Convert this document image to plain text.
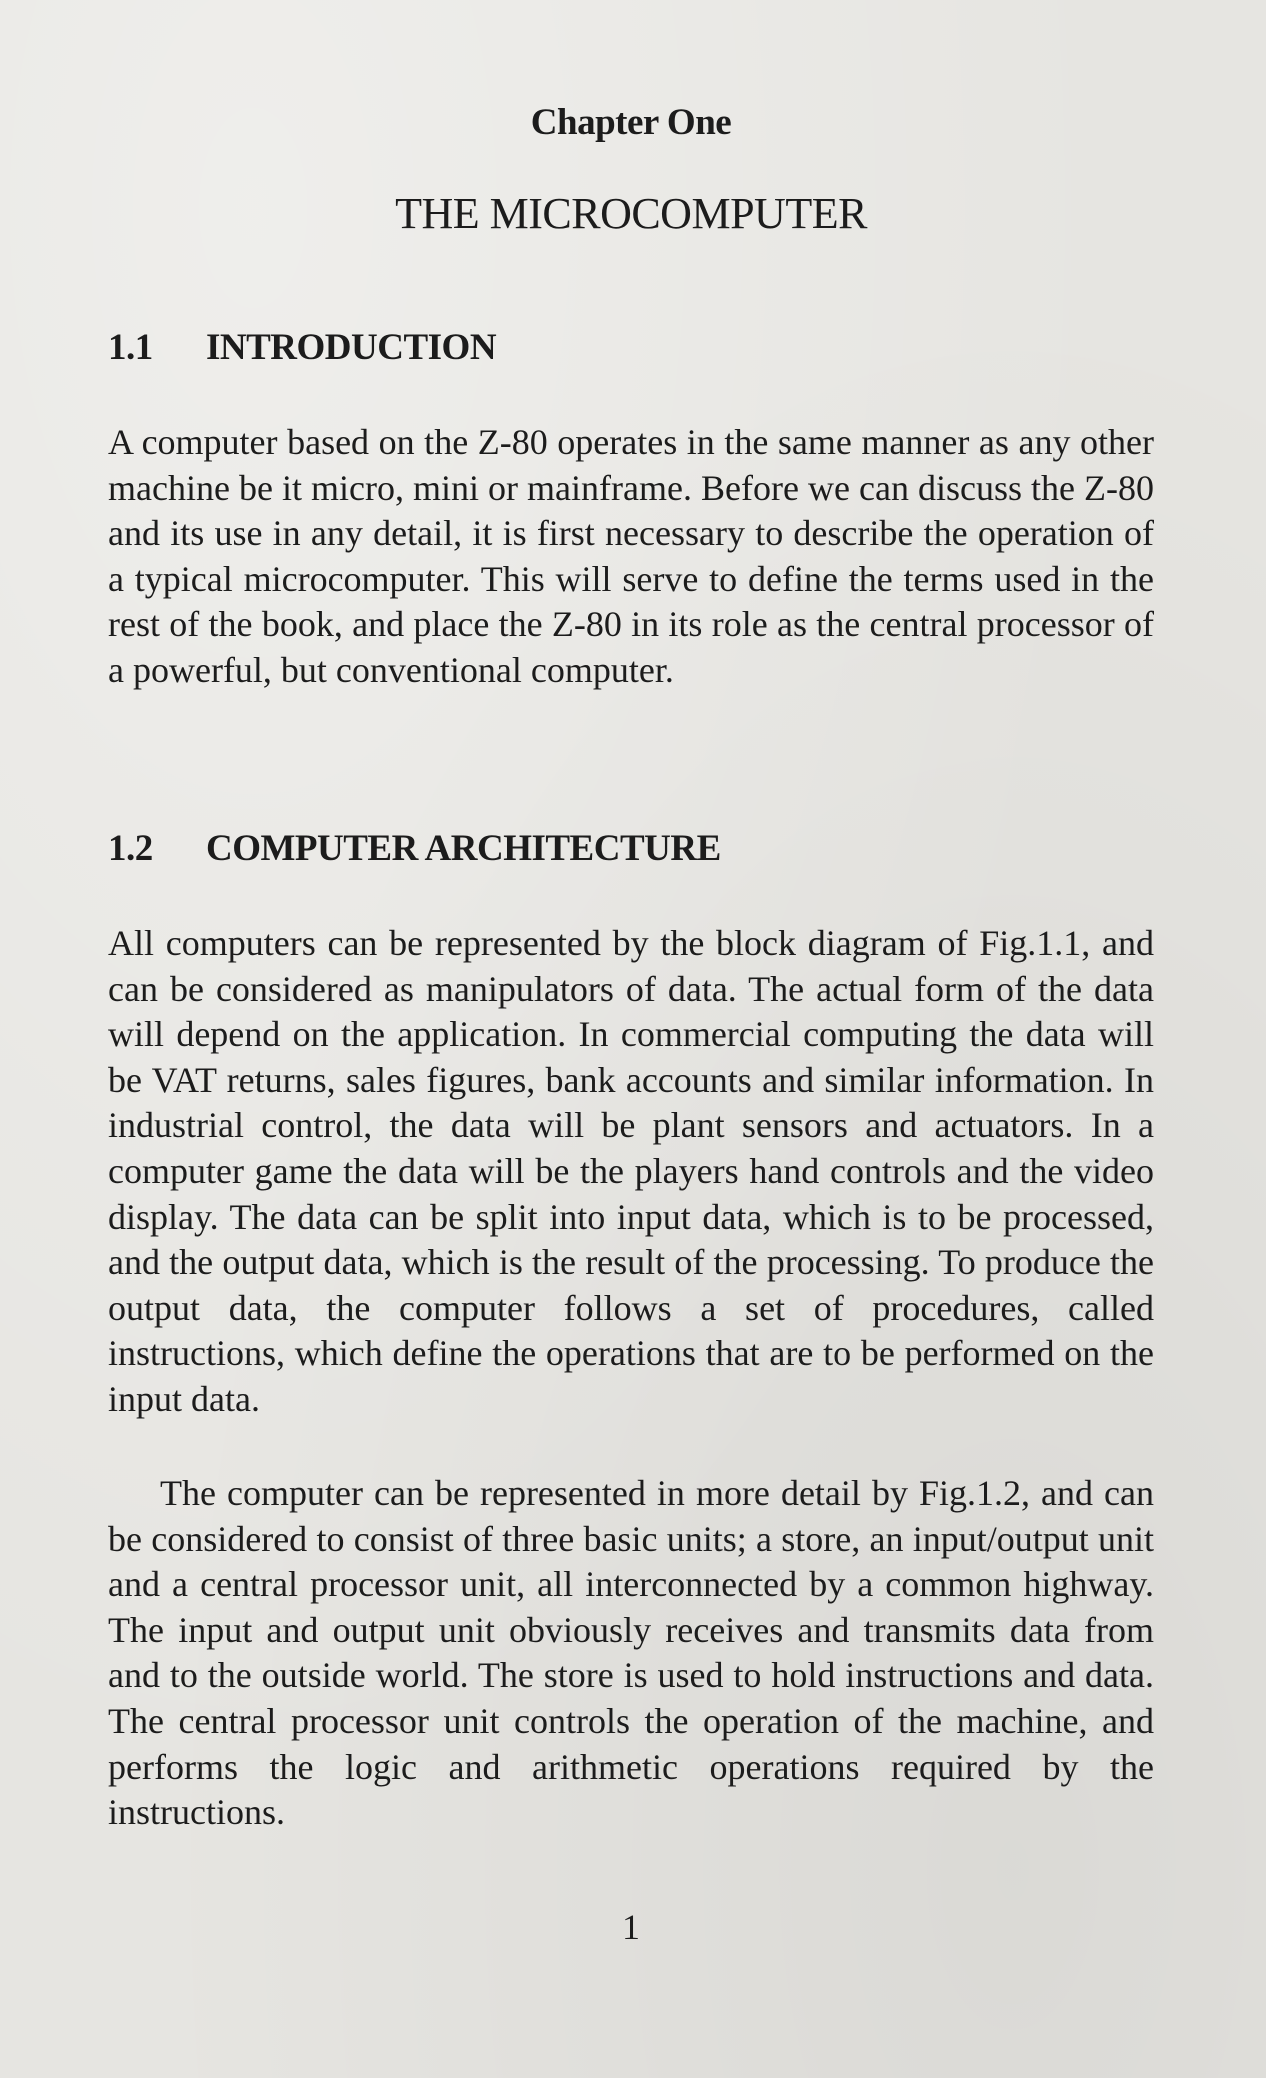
Chapter One
THE MICROCOMPUTER
1.1 INTRODUCTION

A computer based on the Z-80 operates in the same manner as any other machine be it micro, mini or mainframe. Before we can discuss the Z-80 and its use in any detail, it is first necessary to describe the operation of a typical microcomputer. This will serve to define the terms used in the rest of the book, and place the Z-80 in its role as the central processor of a powerful, but conventional computer.

1.2 COMPUTER ARCHITECTURE

All computers can be represented by the block diagram of Fig.1.1, and can be considered as manipulators of data. The actual form of the data will depend on the application. In commercial computing the data will be VAT returns, sales figures, bank accounts and similar information. In industrial control, the data will be plant sensors and actuators. In a computer game the data will be the players hand controls and the video display. The data can be split into input data, which is to be processed, and the output data, which is the result of the processing. To produce the output data, the computer follows a set of procedures, called instructions, which define the operations that are to be performed on the input data.

The computer can be represented in more detail by Fig.1.2, and can be considered to consist of three basic units; a store, an input/output unit and a central processor unit, all interconnected by a common highway. The input and output unit obviously receives and transmits data from and to the outside world. The store is used to hold instructions and data. The central processor unit controls the operation of the machine, and performs the logic and arithmetic operations required by the instructions.

1
